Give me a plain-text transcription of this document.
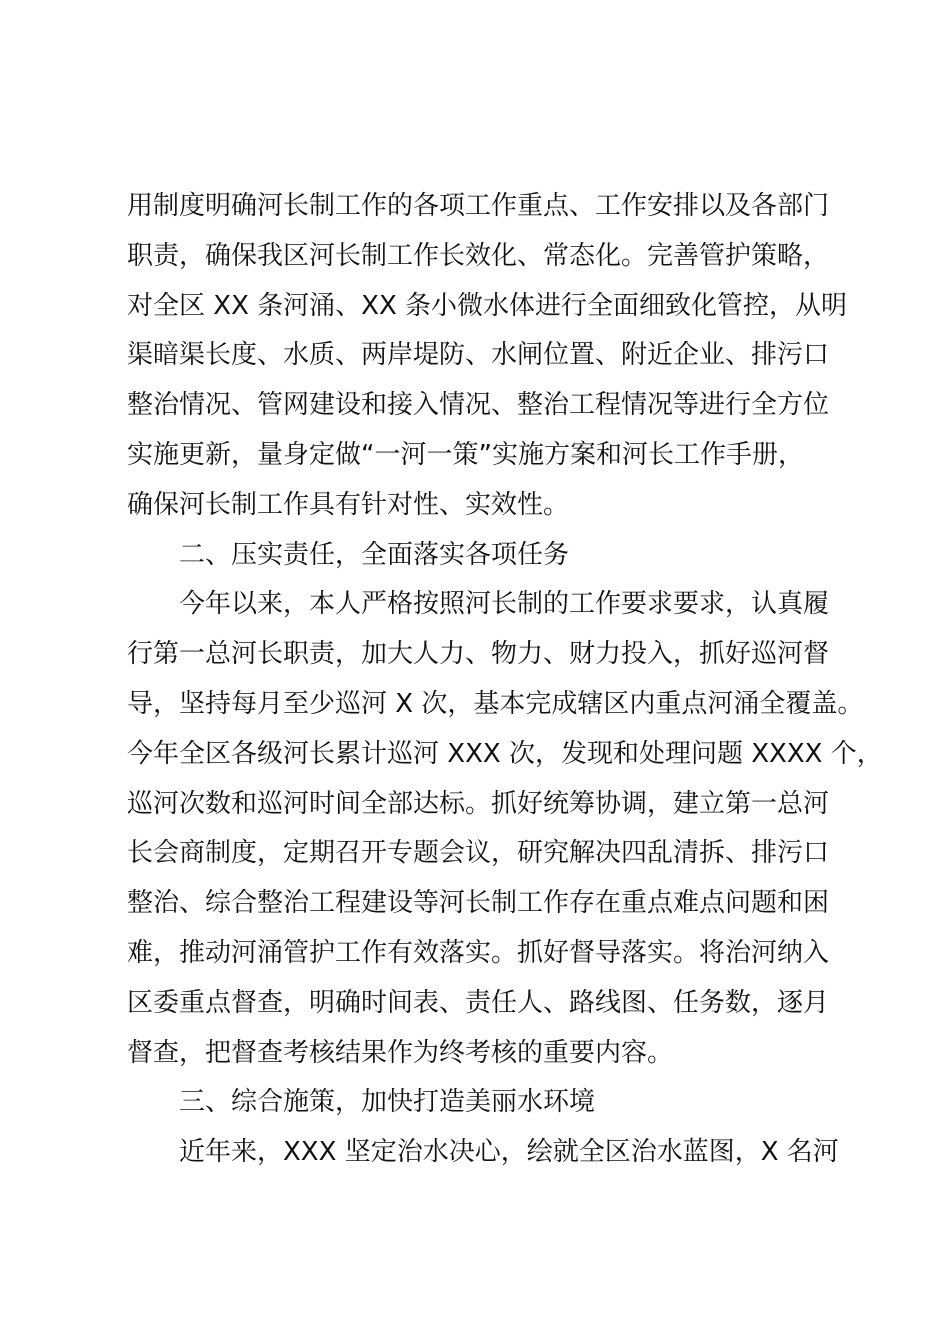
用制度明确河长制工作的各项工作重点、工作安排以及各部门
职责，确保我区河长制工作长效化、常态化。完善管护策略，
对全区 XX 条河涌、XX 条小微水体进行全面细致化管控，从明
渠暗渠长度、水质、两岸堤防、水闸位置、附近企业、排污口
整治情况、管网建设和接入情况、整治工程情况等进行全方位
实施更新，量身定做“一河一策”实施方案和河长工作手册，
确保河长制工作具有针对性、实效性。
二、压实责任，全面落实各项任务
今年以来，本人严格按照河长制的工作要求要求，认真履
行第一总河长职责，加大人力、物力、财力投入，抓好巡河督
导，坚持每月至少巡河 X 次，基本完成辖区内重点河涌全覆盖。
今年全区各级河长累计巡河 XXX 次，发现和处理问题 XXXX 个，
巡河次数和巡河时间全部达标。抓好统筹协调，建立第一总河
长会商制度，定期召开专题会议，研究解决四乱清拆、排污口
整治、综合整治工程建设等河长制工作存在重点难点问题和困
难，推动河涌管护工作有效落实。抓好督导落实。将治河纳入
区委重点督查，明确时间表、责任人、路线图、任务数，逐月
督查，把督查考核结果作为终考核的重要内容。
三、综合施策，加快打造美丽水环境
近年来，XXX 坚定治水决心，绘就全区治水蓝图，X 名河
